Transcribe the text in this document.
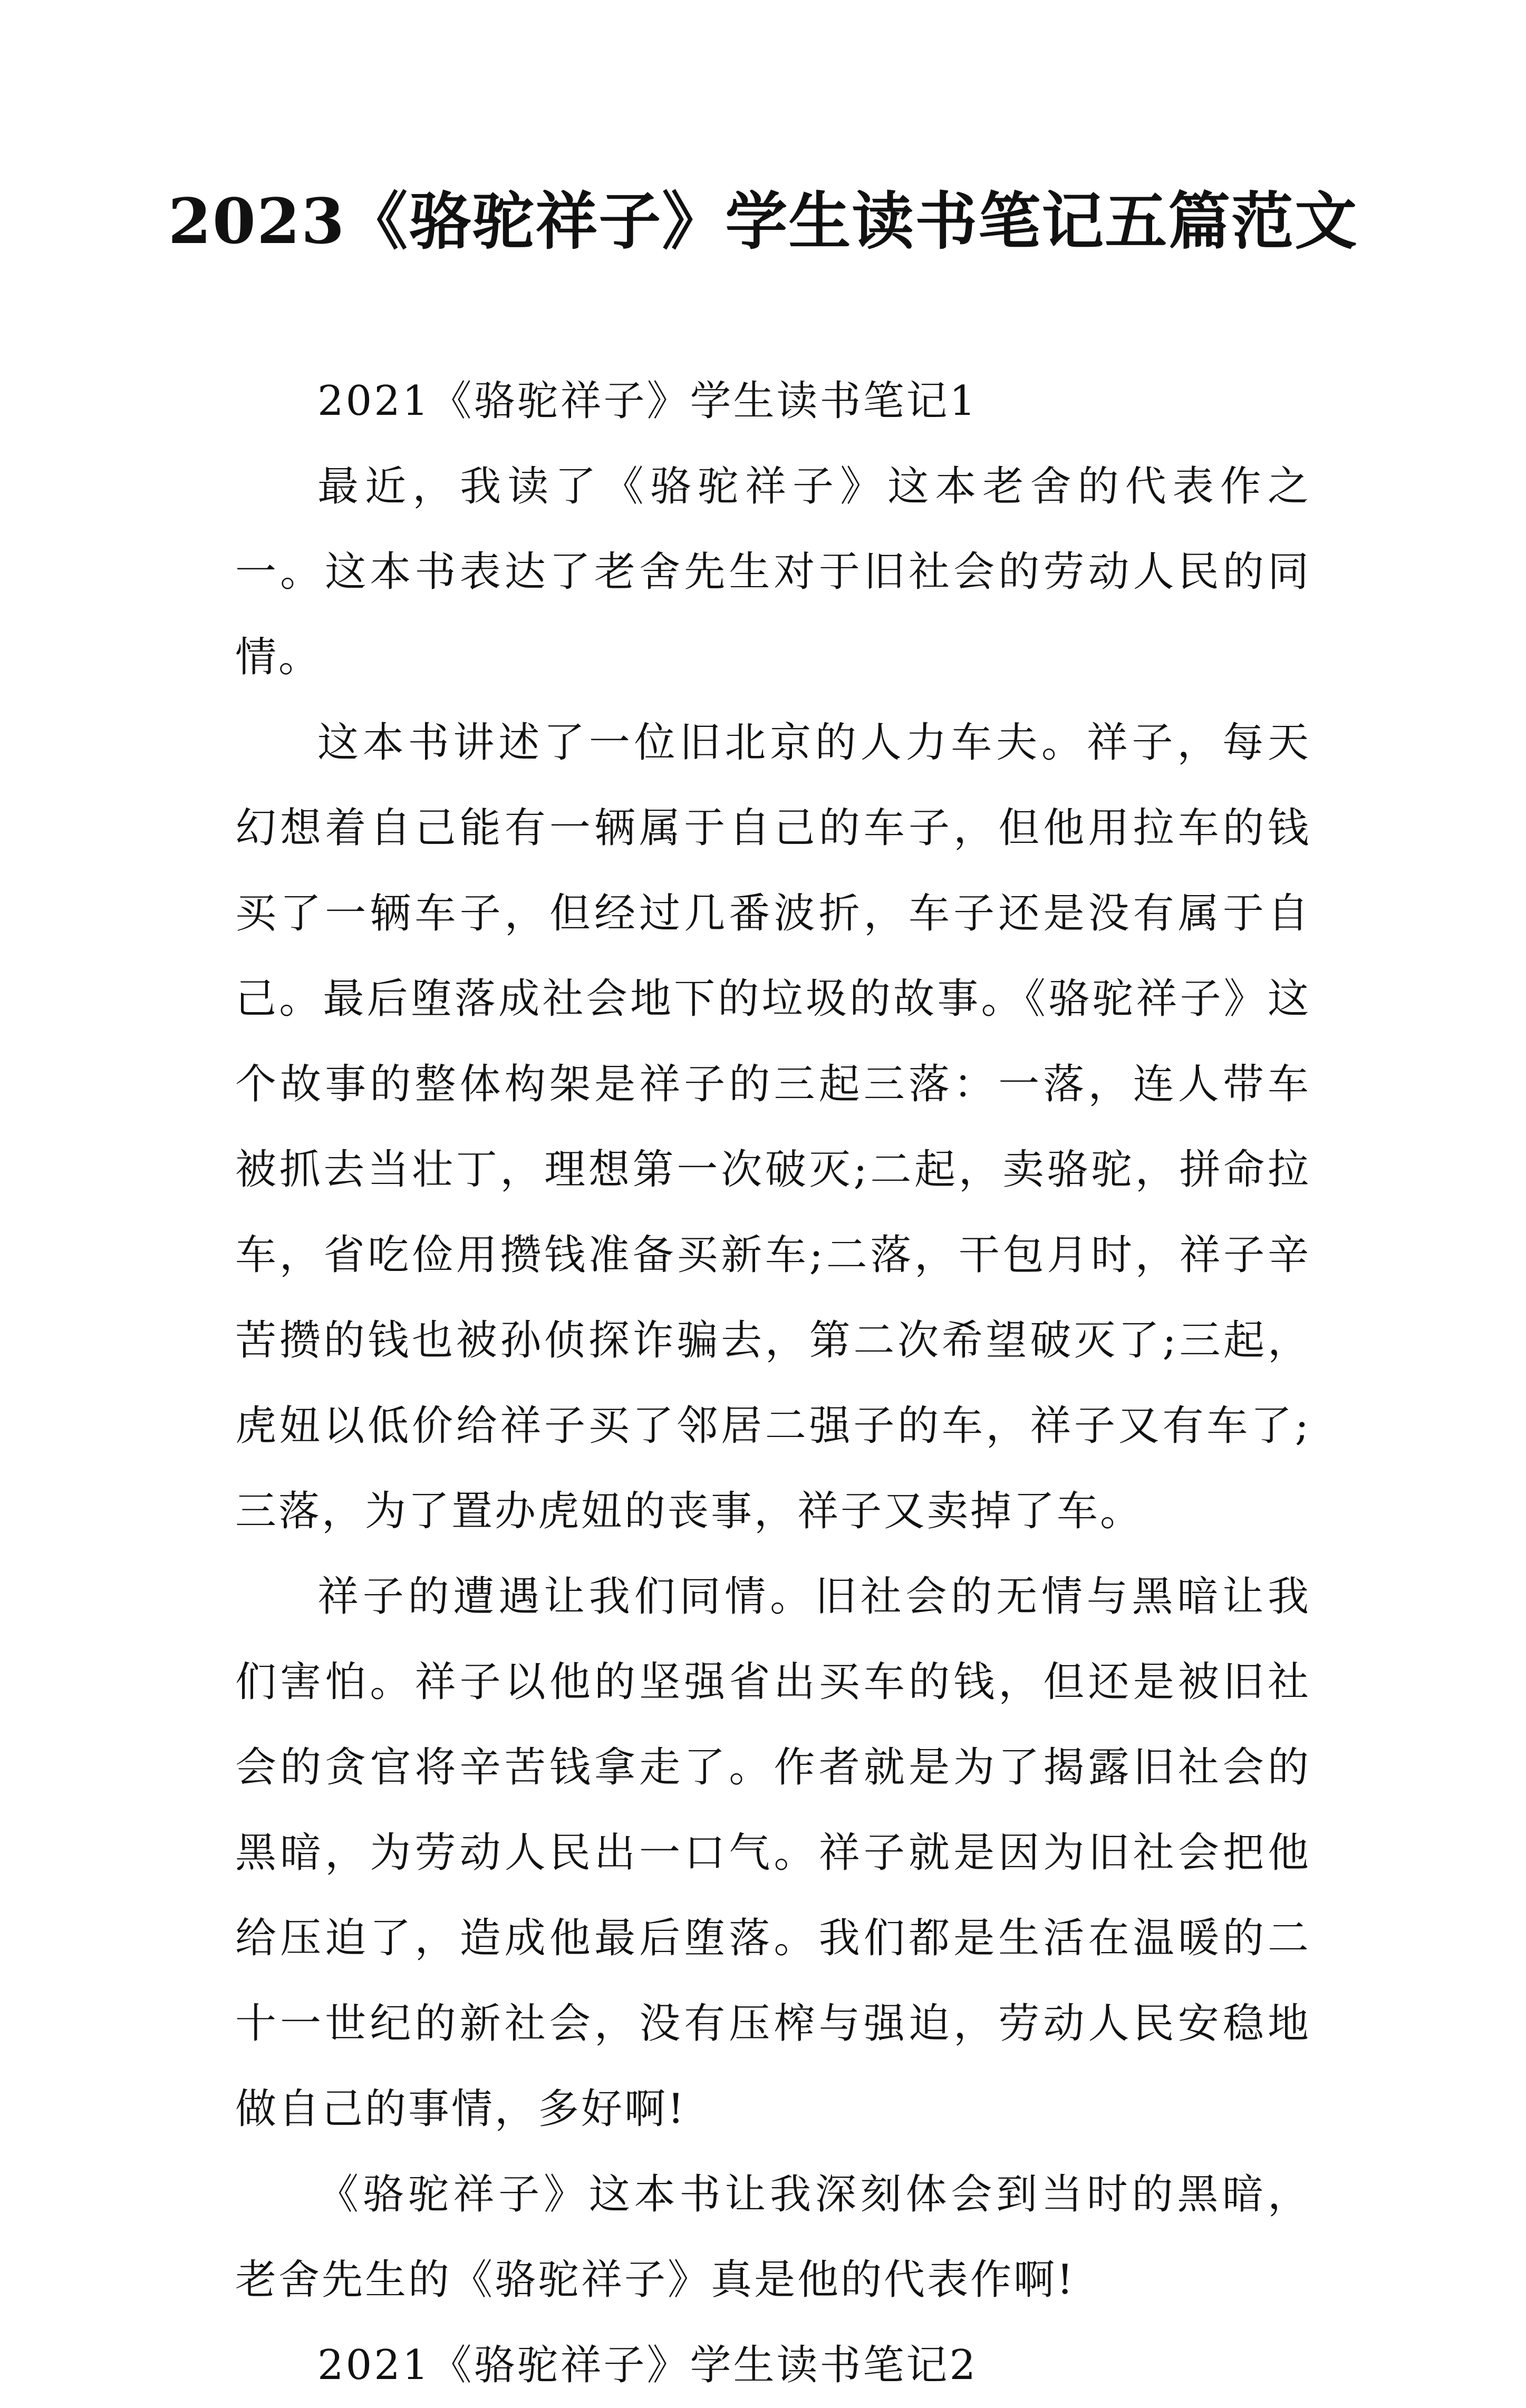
2023《骆驼祥子》学生读书笔记五篇范文

2021《骆驼祥子》学生读书笔记1

最近，我读了《骆驼祥子》这本老舍的代表作之一。这本书表达了老舍先生对于旧社会的劳动人民的同情。

这本书讲述了一位旧北京的人力车夫。祥子，每天幻想着自己能有一辆属于自己的车子，但他用拉车的钱买了一辆车子，但经过几番波折，车子还是没有属于自己。最后堕落成社会地下的垃圾的故事。《骆驼祥子》这个故事的整体构架是祥子的三起三落：一落，连人带车被抓去当壮丁，理想第一次破灭;二起，卖骆驼，拼命拉车，省吃俭用攒钱准备买新车;二落，干包月时，祥子辛苦攒的钱也被孙侦探诈骗去，第二次希望破灭了;三起，虎妞以低价给祥子买了邻居二强子的车，祥子又有车了;三落，为了置办虎妞的丧事，祥子又卖掉了车。

祥子的遭遇让我们同情。旧社会的无情与黑暗让我们害怕。祥子以他的坚强省出买车的钱，但还是被旧社会的贪官将辛苦钱拿走了。作者就是为了揭露旧社会的黑暗，为劳动人民出一口气。祥子就是因为旧社会把他给压迫了，造成他最后堕落。我们都是生活在温暖的二十一世纪的新社会，没有压榨与强迫，劳动人民安稳地做自己的事情，多好啊!

《骆驼祥子》这本书让我深刻体会到当时的黑暗，老舍先生的《骆驼祥子》真是他的代表作啊!

2021《骆驼祥子》学生读书笔记2
